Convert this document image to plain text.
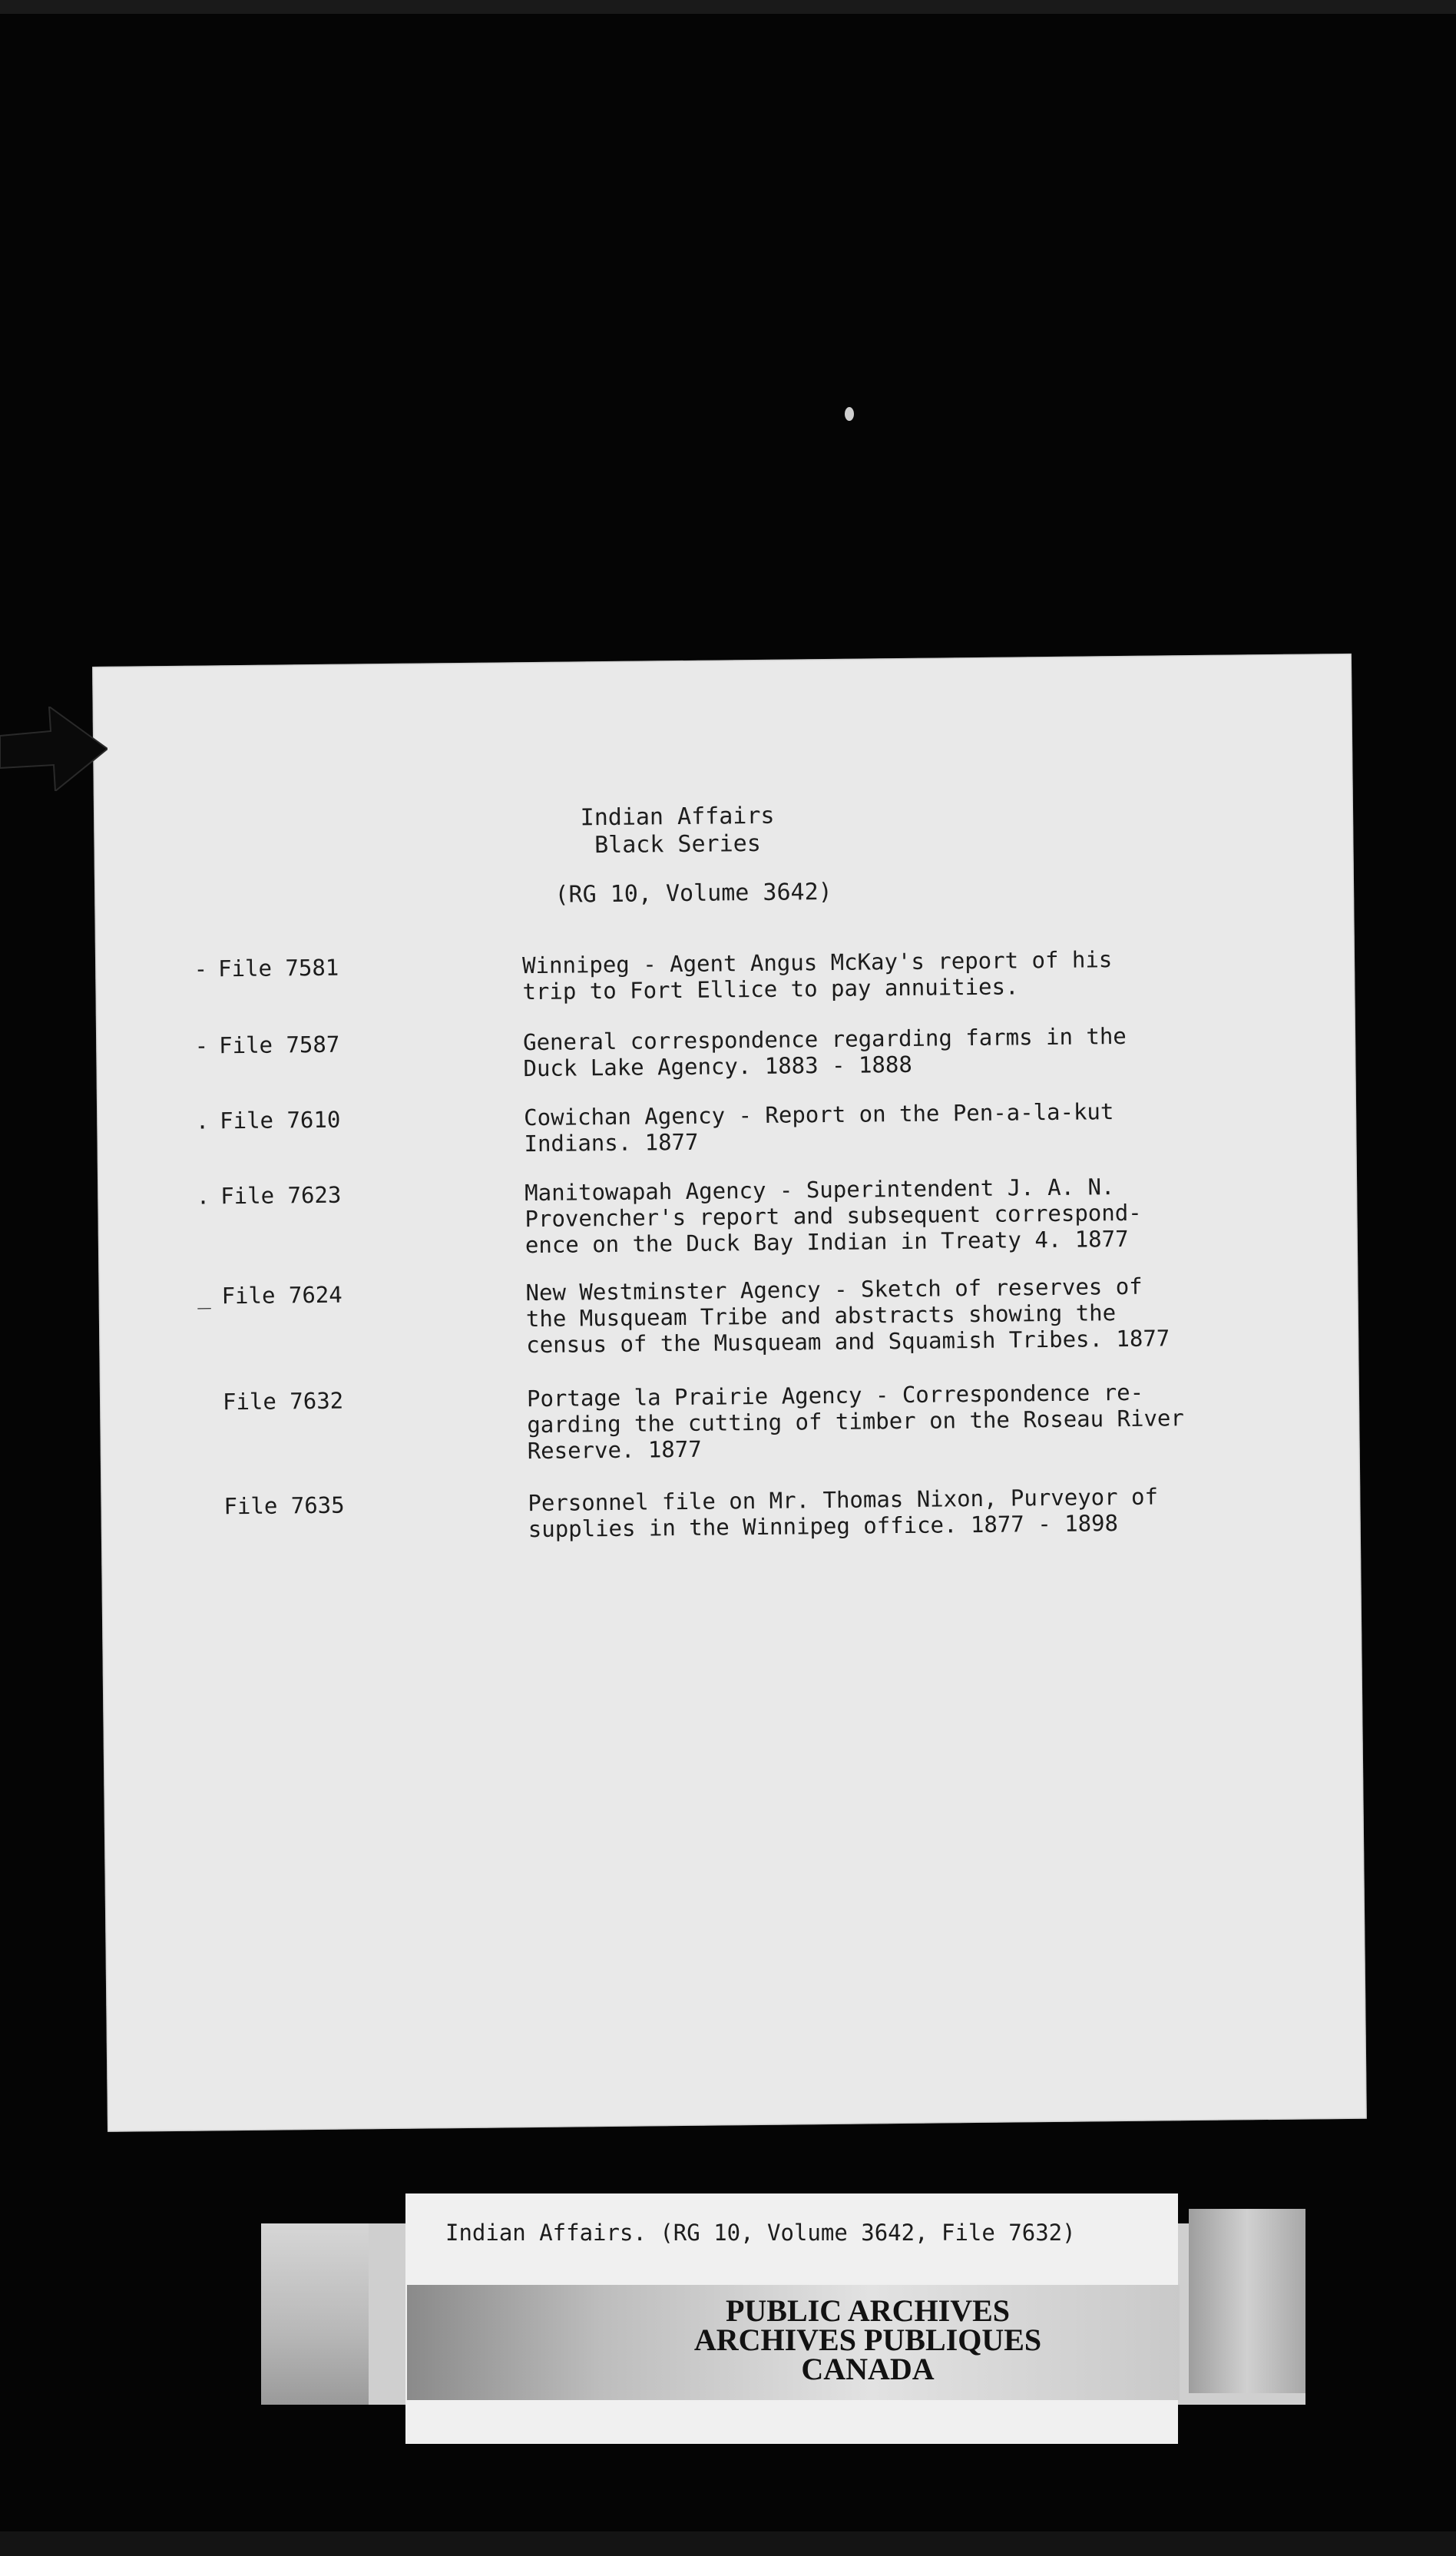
Indian Affairs
Black Series
(RG 10, Volume 3642)
- File 7581	Winnipeg - Agent Angus McKay's report of his
trip to Fort Ellice to pay annuities.
- File 7587	General correspondence regarding farms in the
Duck Lake Agency. 1883 - 1888
. File 7610	Cowichan Agency - Report on the Pen-a-la-kut
Indians. 1877
. File 7623	Manitowapah Agency - Superintendent J. A. N.
Provencher's report and subsequent correspond-
ence on the Duck Bay Indian in Treaty 4. 1877
_ File 7624	New Westminster Agency - Sketch of reserves of
the Musqueam Tribe and abstracts showing the
census of the Musqueam and Squamish Tribes. 1877
File 7632	Portage la Prairie Agency - Correspondence re-
garding the cutting of timber on the Roseau River
Reserve. 1877
File 7635	Personnel file on Mr. Thomas Nixon, Purveyor of
supplies in the Winnipeg office. 1877 - 1898
Indian Affairs. (RG 10, Volume 3642, File 7632)
PUBLIC ARCHIVES
ARCHIVES PUBLIQUES
CANADA
